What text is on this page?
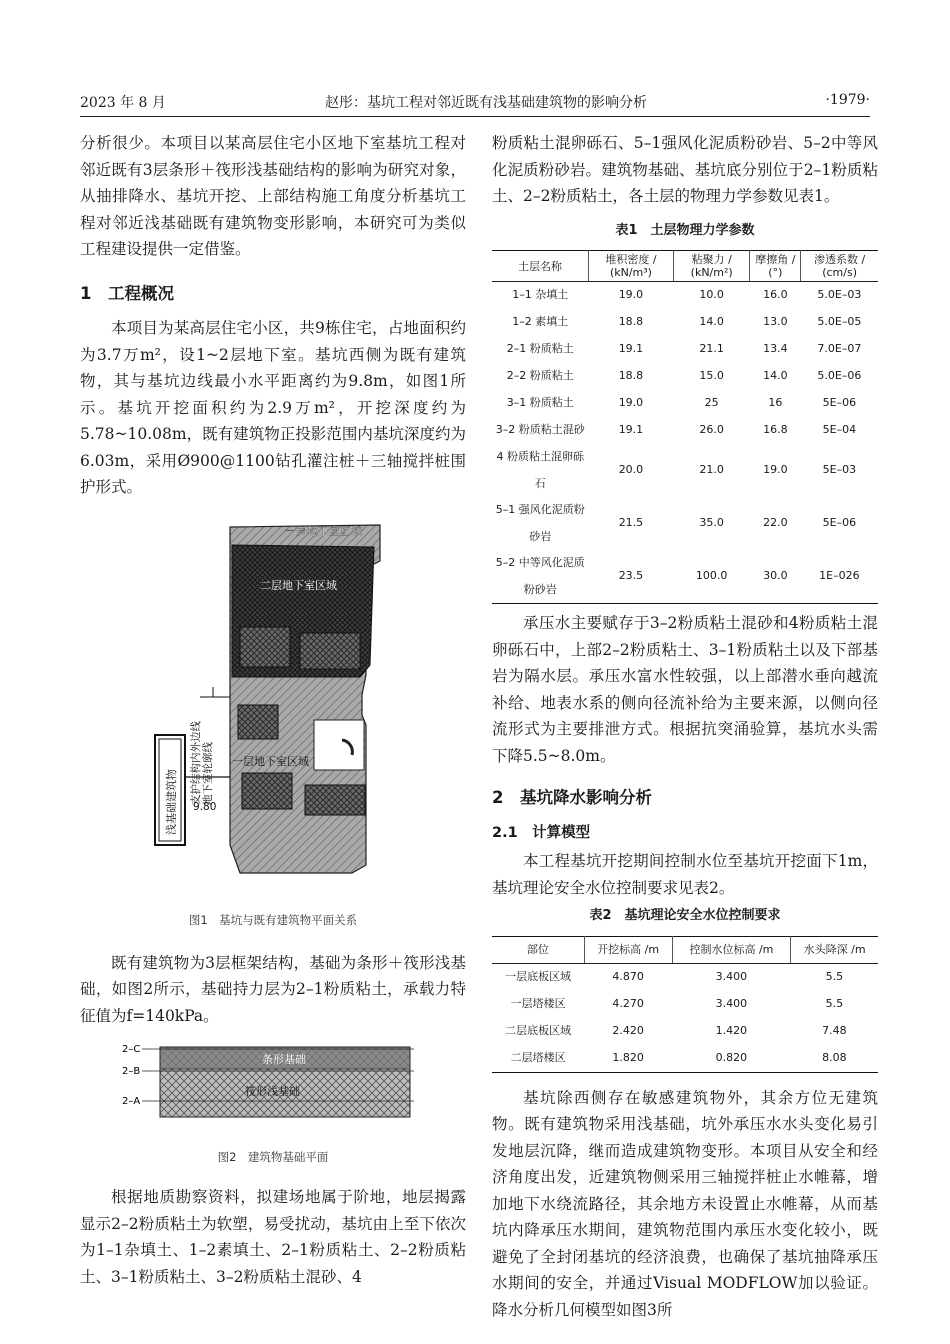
2023 年 8 月	赵彤：基坑工程对邻近既有浅基础建筑物的影响分析	·1979·

分析很少。本项目以某高层住宅小区地下室基坑工程对邻近既有3层条形＋筏形浅基础结构的影响为研究对象，从抽排降水、基坑开挖、上部结构施工角度分析基坑工程对邻近浅基础既有建筑物变形影响，本研究可为类似工程建设提供一定借鉴。

1　工程概况

本项目为某高层住宅小区，共9栋住宅，占地面积约为3.7万m²，设1~2层地下室。基坑西侧为既有建筑物，其与基坑边线最小水平距离约为9.8m，如图1所示。基坑开挖面积约为2.9万m²，开挖深度约为5.78~10.08m，既有建筑物正投影范围内基坑深度约为6.03m，采用Ø900@1100钻孔灌注桩＋三轴搅拌桩围护形式。

一层地下室区域
二层地下室区域
一层地下室区域
浅基础建筑物 支护结构内外边线 地下室轮廓线
9.80
图1　基坑与既有建筑物平面关系

既有建筑物为3层框架结构，基础为条形＋筏形浅基础，如图2所示，基础持力层为2–1粉质粘土，承载力特征值为f=140kPa。

2–C
2–B
2–A
条形基础
筏形浅基础
图2　建筑物基础平面

根据地质勘察资料，拟建场地属于阶地，地层揭露显示2–2粉质粘土为软塑，易受扰动，基坑由上至下依次为1–1杂填土、1–2素填土、2–1粉质粘土、2–2粉质粘土、3–1粉质粘土、3–2粉质粘土混砂、4

粉质粘土混卵砾石、5–1强风化泥质粉砂岩、5–2中等风化泥质粉砂岩。建筑物基础、基坑底分别位于2–1粉质粘土、2–2粉质粘土，各土层的物理力学参数见表1。

表1　土层物理力学参数
土层名称	堆积密度 / (kN/m³)	粘聚力 / (kN/m²)	摩擦角 / (°)	渗透系数 / (cm/s)
1–1 杂填土	19.0	10.0	16.0	5.0E–03
1–2 素填土	18.8	14.0	13.0	5.0E–05
2–1 粉质粘土	19.1	21.1	13.4	7.0E–07
2–2 粉质粘土	18.8	15.0	14.0	5.0E–06
3–1 粉质粘土	19.0	25	16	5E–06
3–2 粉质粘土混砂	19.1	26.0	16.8	5E–04
4 粉质粘土混卵砾石	20.0	21.0	19.0	5E–03
5–1 强风化泥质粉砂岩	21.5	35.0	22.0	5E–06
5–2 中等风化泥质粉砂岩	23.5	100.0	30.0	1E–026

承压水主要赋存于3–2粉质粘土混砂和4粉质粘土混卵砾石中，上部2–2粉质粘土、3–1粉质粘土以及下部基岩为隔水层。承压水富水性较强，以上部潜水垂向越流补给、地表水系的侧向径流补给为主要来源，以侧向径流形式为主要排泄方式。根据抗突涌验算，基坑水头需下降5.5~8.0m。

2　基坑降水影响分析
2.1　计算模型

本工程基坑开挖期间控制水位至基坑开挖面下1m，基坑理论安全水位控制要求见表2。

表2　基坑理论安全水位控制要求
部位	开挖标高 /m	控制水位标高 /m	水头降深 /m
一层底板区域	4.870	3.400	5.5
一层塔楼区	4.270	3.400	5.5
二层底板区域	2.420	1.420	7.48
二层塔楼区	1.820	0.820	8.08

基坑除西侧存在敏感建筑物外，其余方位无建筑物。既有建筑物采用浅基础，坑外承压水水头变化易引发地层沉降，继而造成建筑物变形。本项目从安全和经济角度出发，近建筑物侧采用三轴搅拌桩止水帷幕，增加地下水绕流路径，其余地方未设置止水帷幕，从而基坑内降承压水期间，建筑物范围内承压水变化较小，既避免了全封闭基坑的经济浪费，也确保了基坑抽降承压水期间的安全，并通过Visual MODFLOW加以验证。降水分析几何模型如图3所
